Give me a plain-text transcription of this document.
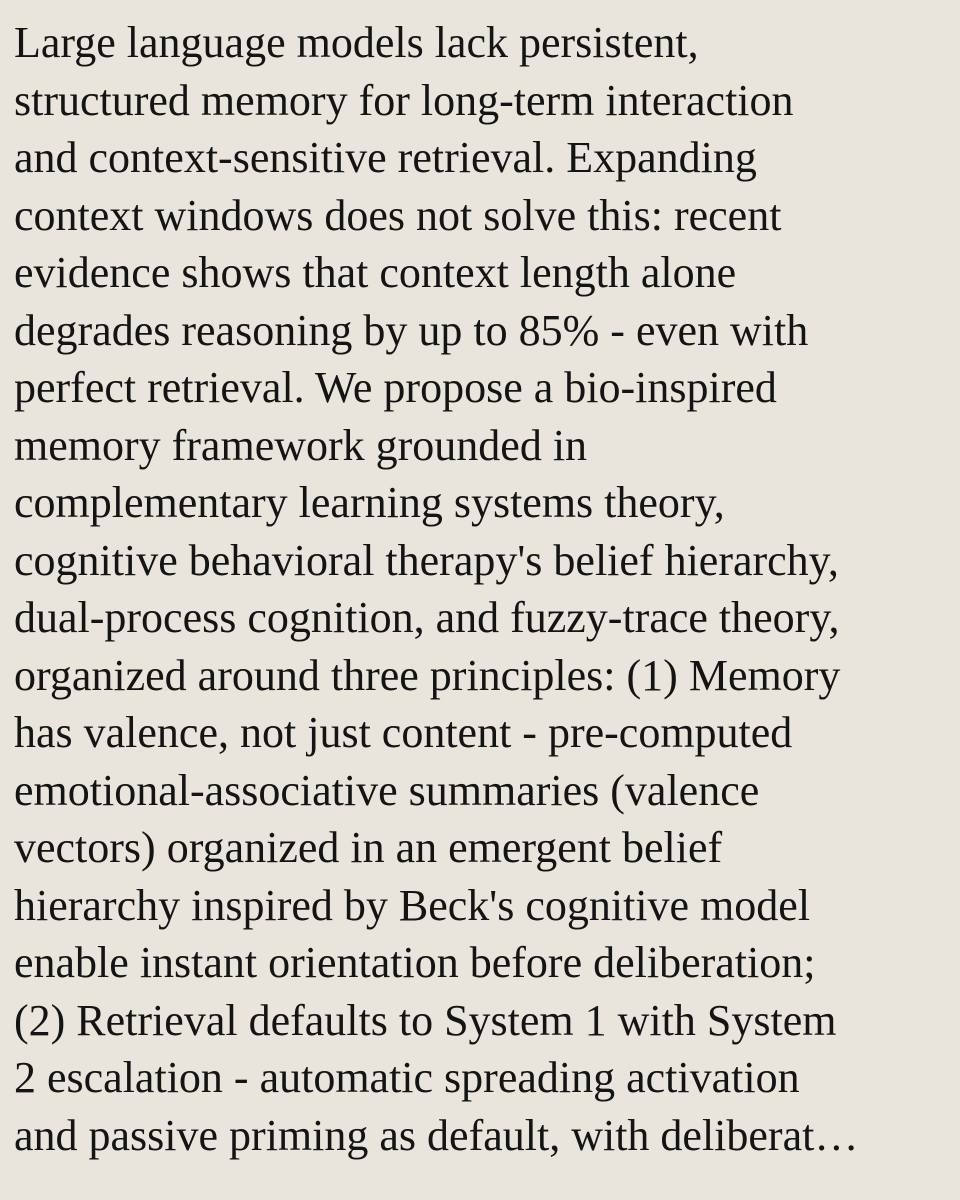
Large language models lack persistent,
structured memory for long-term interaction
and context-sensitive retrieval. Expanding
context windows does not solve this: recent
evidence shows that context length alone
degrades reasoning by up to 85% - even with
perfect retrieval. We propose a bio-inspired
memory framework grounded in
complementary learning systems theory,
cognitive behavioral therapy's belief hierarchy,
dual-process cognition, and fuzzy-trace theory,
organized around three principles: (1) Memory
has valence, not just content - pre-computed
emotional-associative summaries (valence
vectors) organized in an emergent belief
hierarchy inspired by Beck's cognitive model
enable instant orientation before deliberation;
(2) Retrieval defaults to System 1 with System
2 escalation - automatic spreading activation
and passive priming as default, with deliberat…
